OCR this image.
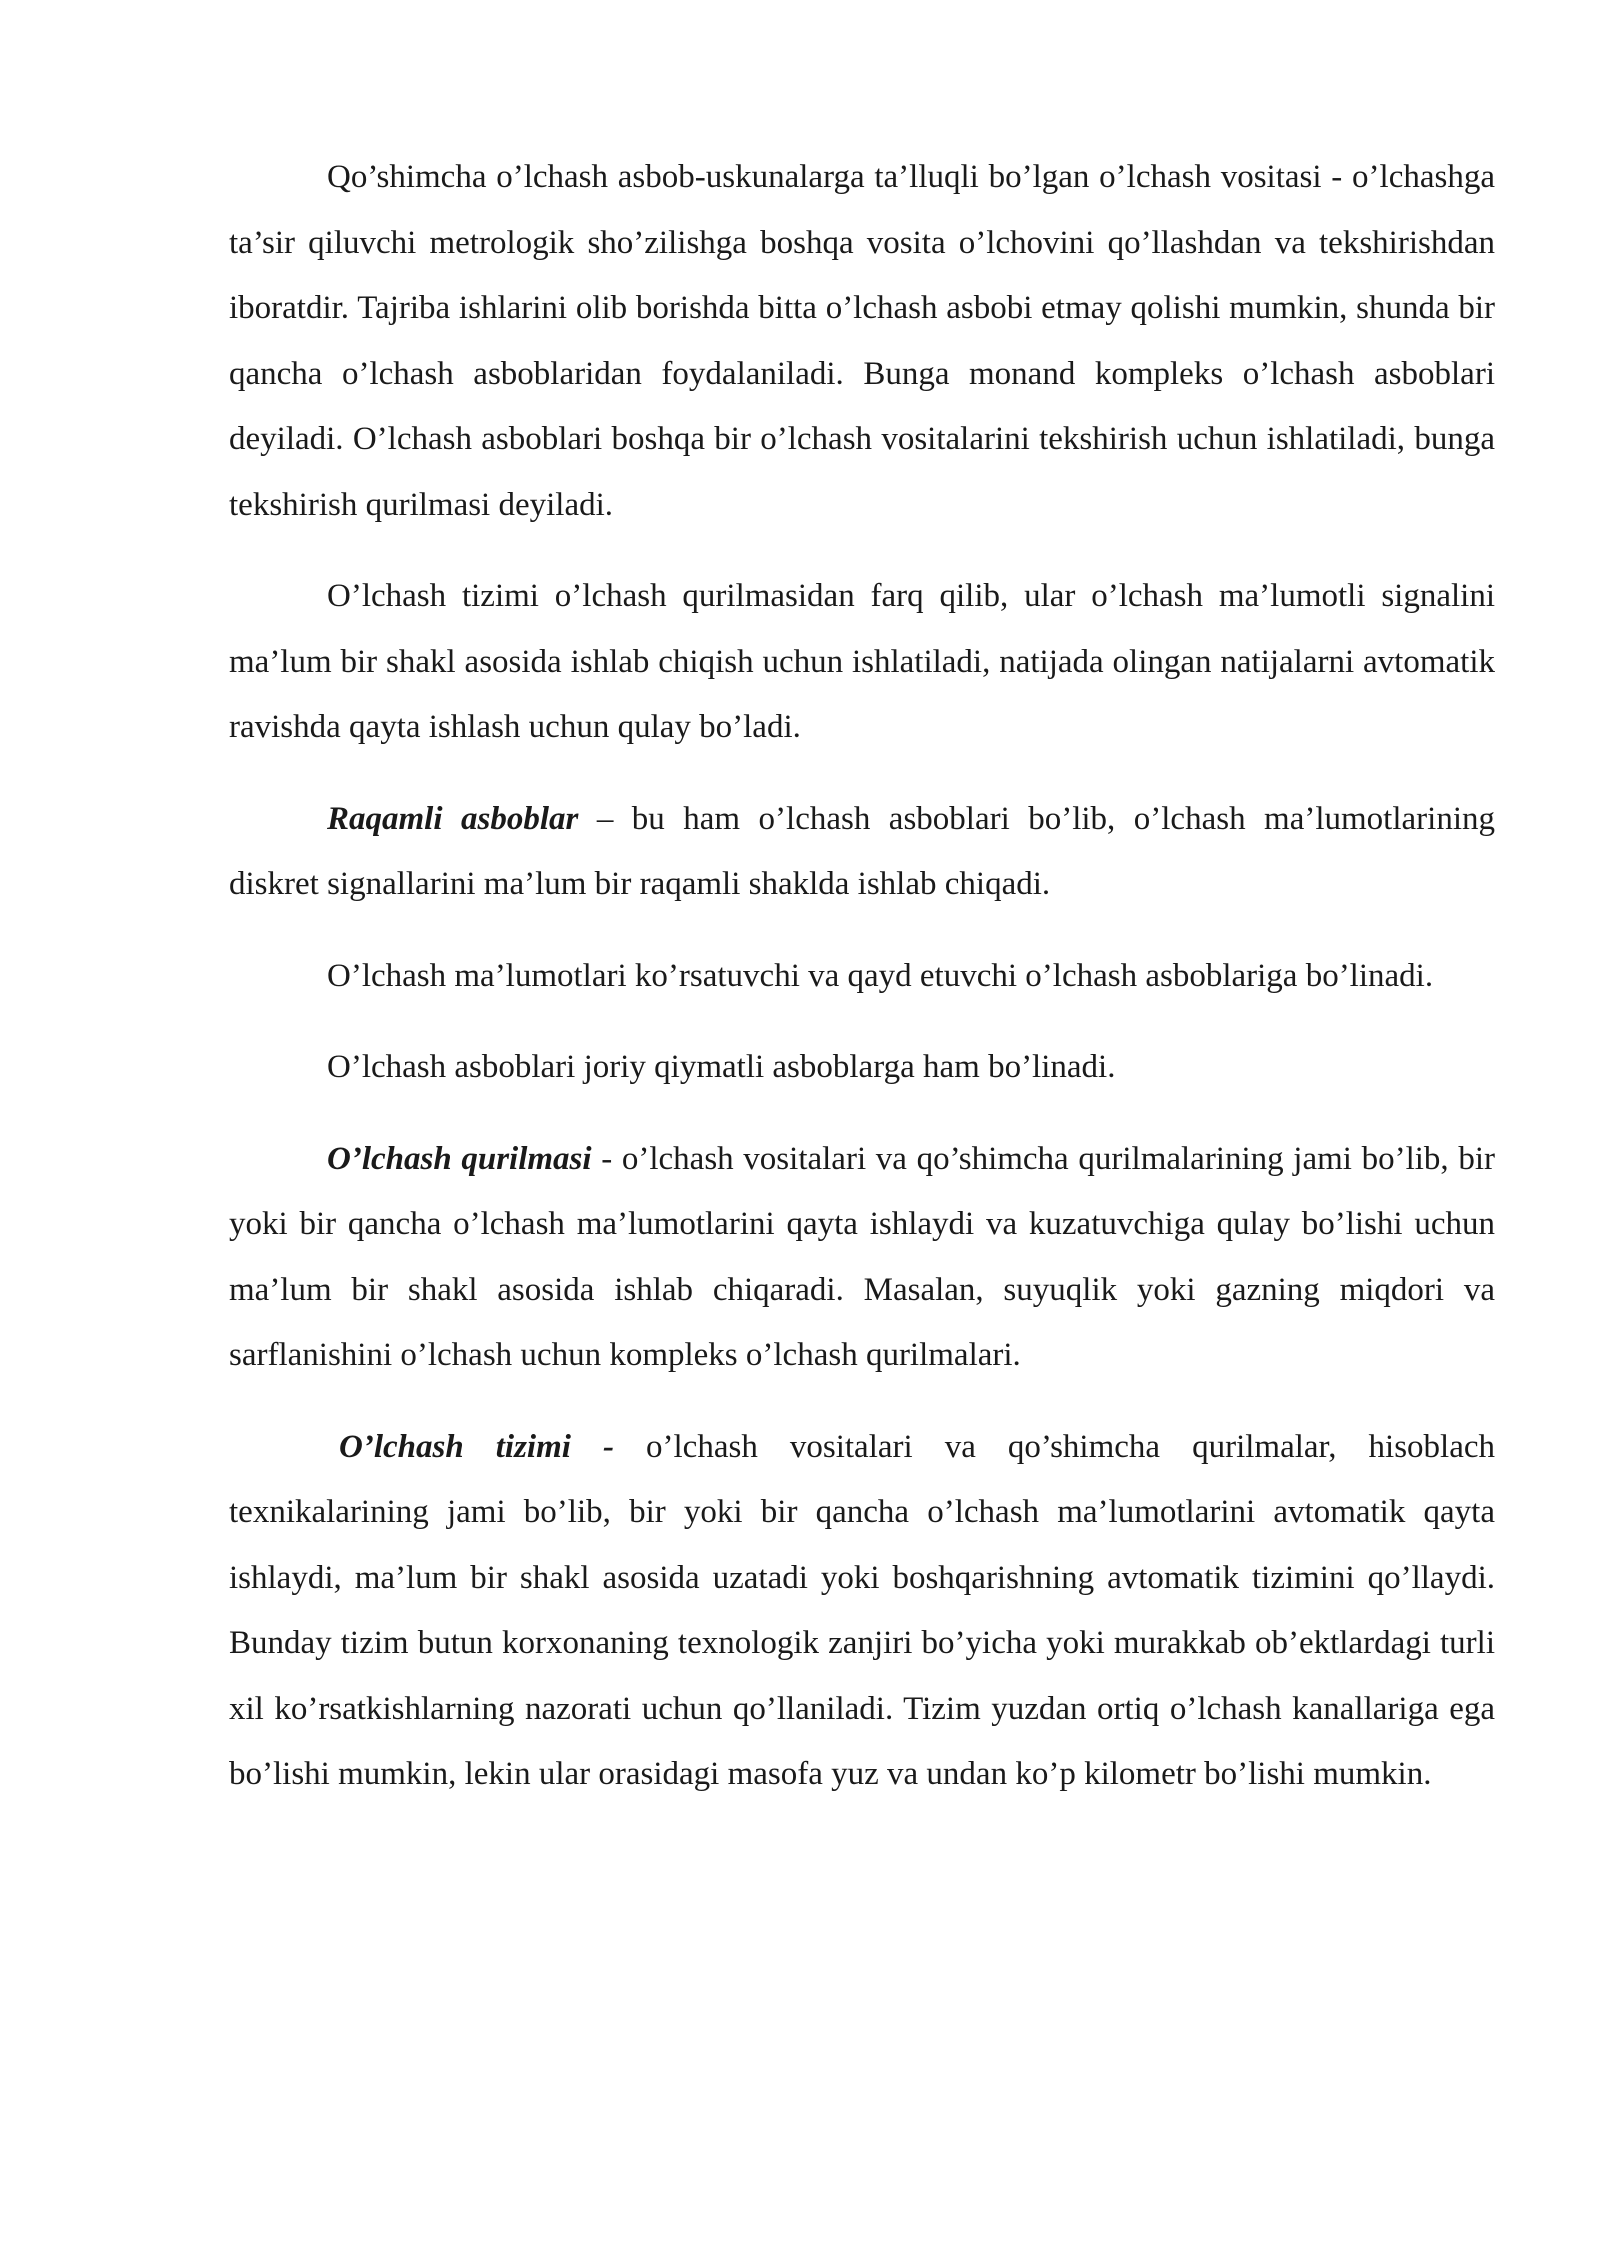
Qo’shimcha o’lchash asbob-uskunalarga ta’lluqli bo’lgan o’lchash vositasi - o’lchashga ta’sir qiluvchi metrologik sho’zilishga boshqa vosita o’lchovini qo’llashdan va tekshirishdan iboratdir. Tajriba ishlarini olib borishda bitta o’lchash asbobi etmay qolishi mumkin, shunda bir qancha o’lchash asboblaridan foydalaniladi. Bunga monand kompleks o’lchash asboblari deyiladi. O’lchash asboblari boshqa bir o’lchash vositalarini tekshirish uchun ishlatiladi, bunga tekshirish qurilmasi deyiladi.

O’lchash tizimi o’lchash qurilmasidan farq qilib, ular o’lchash ma’lumotli signalini ma’lum bir shakl asosida ishlab chiqish uchun ishlatiladi, natijada olingan natijalarni avtomatik ravishda qayta ishlash uchun qulay bo’ladi.

Raqamli asboblar – bu ham o’lchash asboblari bo’lib, o’lchash ma’lumotlarining diskret signallarini ma’lum bir raqamli shaklda ishlab chiqadi.

O’lchash ma’lumotlari ko’rsatuvchi va qayd etuvchi o’lchash asboblariga bo’linadi.

O’lchash asboblari joriy qiymatli asboblarga ham bo’linadi.

O’lchash qurilmasi - o’lchash vositalari va qo’shimcha qurilmalarining jami bo’lib, bir yoki bir qancha o’lchash ma’lumotlarini qayta ishlaydi va kuzatuvchiga qulay bo’lishi uchun ma’lum bir shakl asosida ishlab chiqaradi. Masalan, suyuqlik yoki gazning miqdori va sarflanishini o’lchash uchun kompleks o’lchash qurilmalari.

O’lchash tizimi - o’lchash vositalari va qo’shimcha qurilmalar, hisoblach texnikalarining jami bo’lib, bir yoki bir qancha o’lchash ma’lumotlarini avtomatik qayta ishlaydi, ma’lum bir shakl asosida uzatadi yoki boshqarishning avtomatik tizimini qo’llaydi. Bunday tizim butun korxonaning texnologik zanjiri bo’yicha yoki murakkab ob’ektlardagi turli xil ko’rsatkishlarning nazorati uchun qo’llaniladi. Tizim yuzdan ortiq o’lchash kanallariga ega bo’lishi mumkin, lekin ular orasidagi masofa yuz va undan ko’p kilometr bo’lishi mumkin.
